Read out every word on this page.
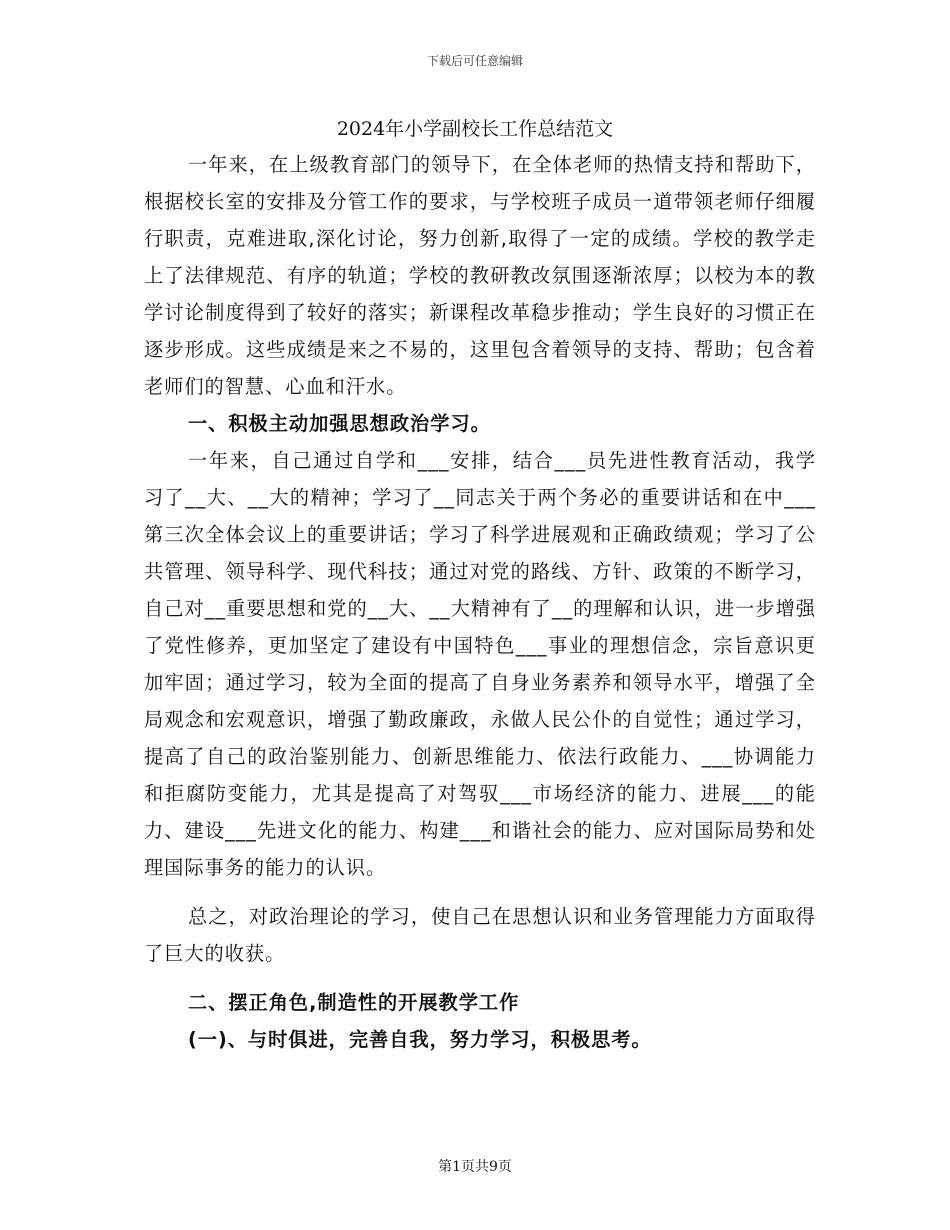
下载后可任意编辑
2024年小学副校长工作总结范文

一年来，在上级教育部门的领导下，在全体老师的热情支持和帮助下，根据校长室的安排及分管工作的要求，与学校班子成员一道带领老师仔细履行职责，克难进取,深化讨论，努力创新,取得了一定的成绩。学校的教学走上了法律规范、有序的轨道；学校的教研教改氛围逐渐浓厚；以校为本的教学讨论制度得到了较好的落实；新课程改革稳步推动；学生良好的习惯正在逐步形成。这些成绩是来之不易的，这里包含着领导的支持、帮助；包含着老师们的智慧、心血和汗水。

一、积极主动加强思想政治学习。

一年来，自己通过自学和___安排，结合___员先进性教育活动，我学习了__大、__大的精神；学习了__同志关于两个务必的重要讲话和在中___第三次全体会议上的重要讲话；学习了科学进展观和正确政绩观；学习了公共管理、领导科学、现代科技；通过对党的路线、方针、政策的不断学习，自己对__重要思想和党的__大、__大精神有了__的理解和认识，进一步增强了党性修养，更加坚定了建设有中国特色___事业的理想信念，宗旨意识更加牢固；通过学习，较为全面的提高了自身业务素养和领导水平，增强了全局观念和宏观意识，增强了勤政廉政，永做人民公仆的自觉性；通过学习，提高了自己的政治鉴别能力、创新思维能力、依法行政能力、___协调能力和拒腐防变能力，尤其是提高了对驾驭___市场经济的能力、进展___的能力、建设___先进文化的能力、构建___和谐社会的能力、应对国际局势和处理国际事务的能力的认识。

总之，对政治理论的学习，使自己在思想认识和业务管理能力方面取得了巨大的收获。

二、摆正角色,制造性的开展教学工作

(一)、与时俱进，完善自我，努力学习，积极思考。

第1页共9页
